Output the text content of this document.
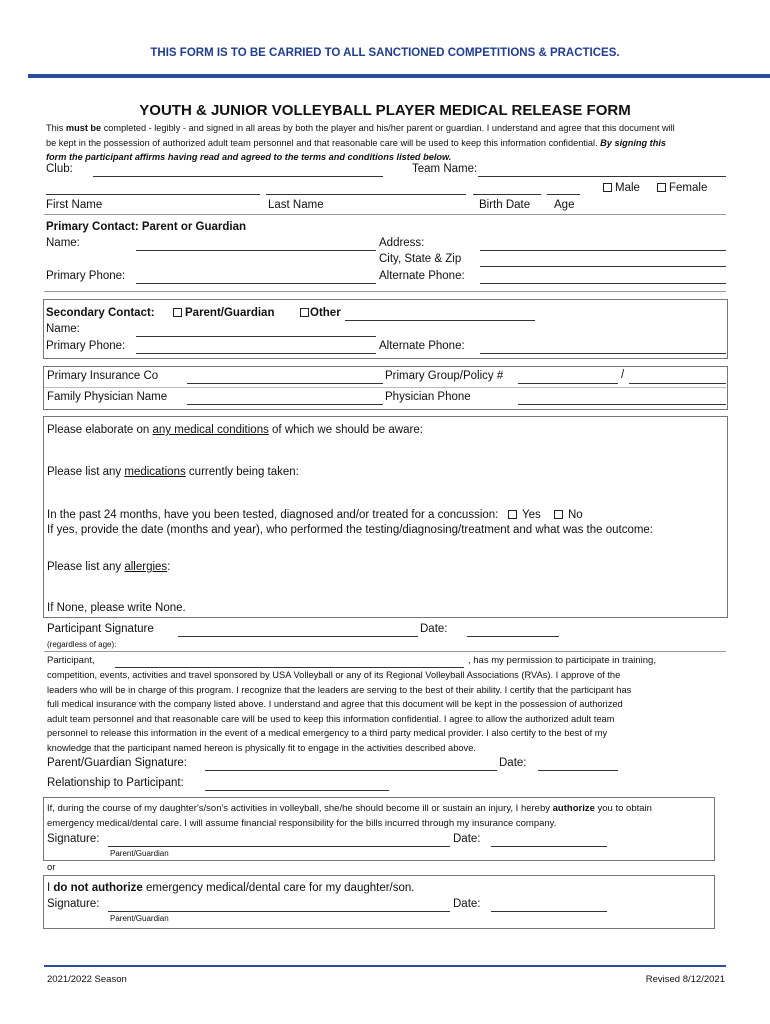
THIS FORM IS TO BE CARRIED TO ALL SANCTIONED COMPETITIONS & PRACTICES.
YOUTH & JUNIOR VOLLEYBALL PLAYER MEDICAL RELEASE FORM
This must be completed - legibly - and signed in all areas by both the player and his/her parent or guardian. I understand and agree that this document will
be kept in the possession of authorized adult team personnel and that reasonable care will be used to keep this information confidential. By signing this
form the participant affirms having read and agreed to the terms and conditions listed below.
Club:	Team Name:
Male	Female
First Name	Last Name	Birth Date Age
Primary Contact: Parent or Guardian
Name:	Address:
City, State & Zip
Primary Phone:	Alternate Phone:
Secondary Contact:	Parent/Guardian	Other
Name:
Primary Phone:	Alternate Phone:
Primary Insurance Co	Primary Group/Policy #	/
Family Physician Name	Physician Phone
Please elaborate on any medical conditions of which we should be aware:
Please list any medications currently being taken:
In the past 24 months, have you been tested, diagnosed and/or treated for a concussion:	Yes	No
If yes, provide the date (months and year), who performed the testing/diagnosing/treatment and what was the outcome:
Please list any allergies:
If None, please write None.
Participant Signature	Date:
(regardless of age):
Participant,	, has my permission to participate in training,
competition, events, activities and travel sponsored by USA Volleyball or any of its Regional Volleyball Associations (RVAs). I approve of the
leaders who will be in charge of this program. I recognize that the leaders are serving to the best of their ability. I certify that the participant has
full medical insurance with the company listed above. I understand and agree that this document will be kept in the possession of authorized
adult team personnel and that reasonable care will be used to keep this information confidential. I agree to allow the authorized adult team
personnel to release this information in the event of a medical emergency to a third party medical provider. I also certify to the best of my
knowledge that the participant named hereon is physically fit to engage in the activities described above.
Parent/Guardian Signature:	Date:
Relationship to Participant:
If, during the course of my daughter's/son's activities in volleyball, she/he should become ill or sustain an injury, I hereby authorize you to obtain
emergency medical/dental care. I will assume financial responsibility for the bills incurred through my insurance company.
Signature:	Date:
Parent/Guardian
or
I do not authorize emergency medical/dental care for my daughter/son.
Signature:	Date:
Parent/Guardian
2021/2022 Season	Revised 8/12/2021
